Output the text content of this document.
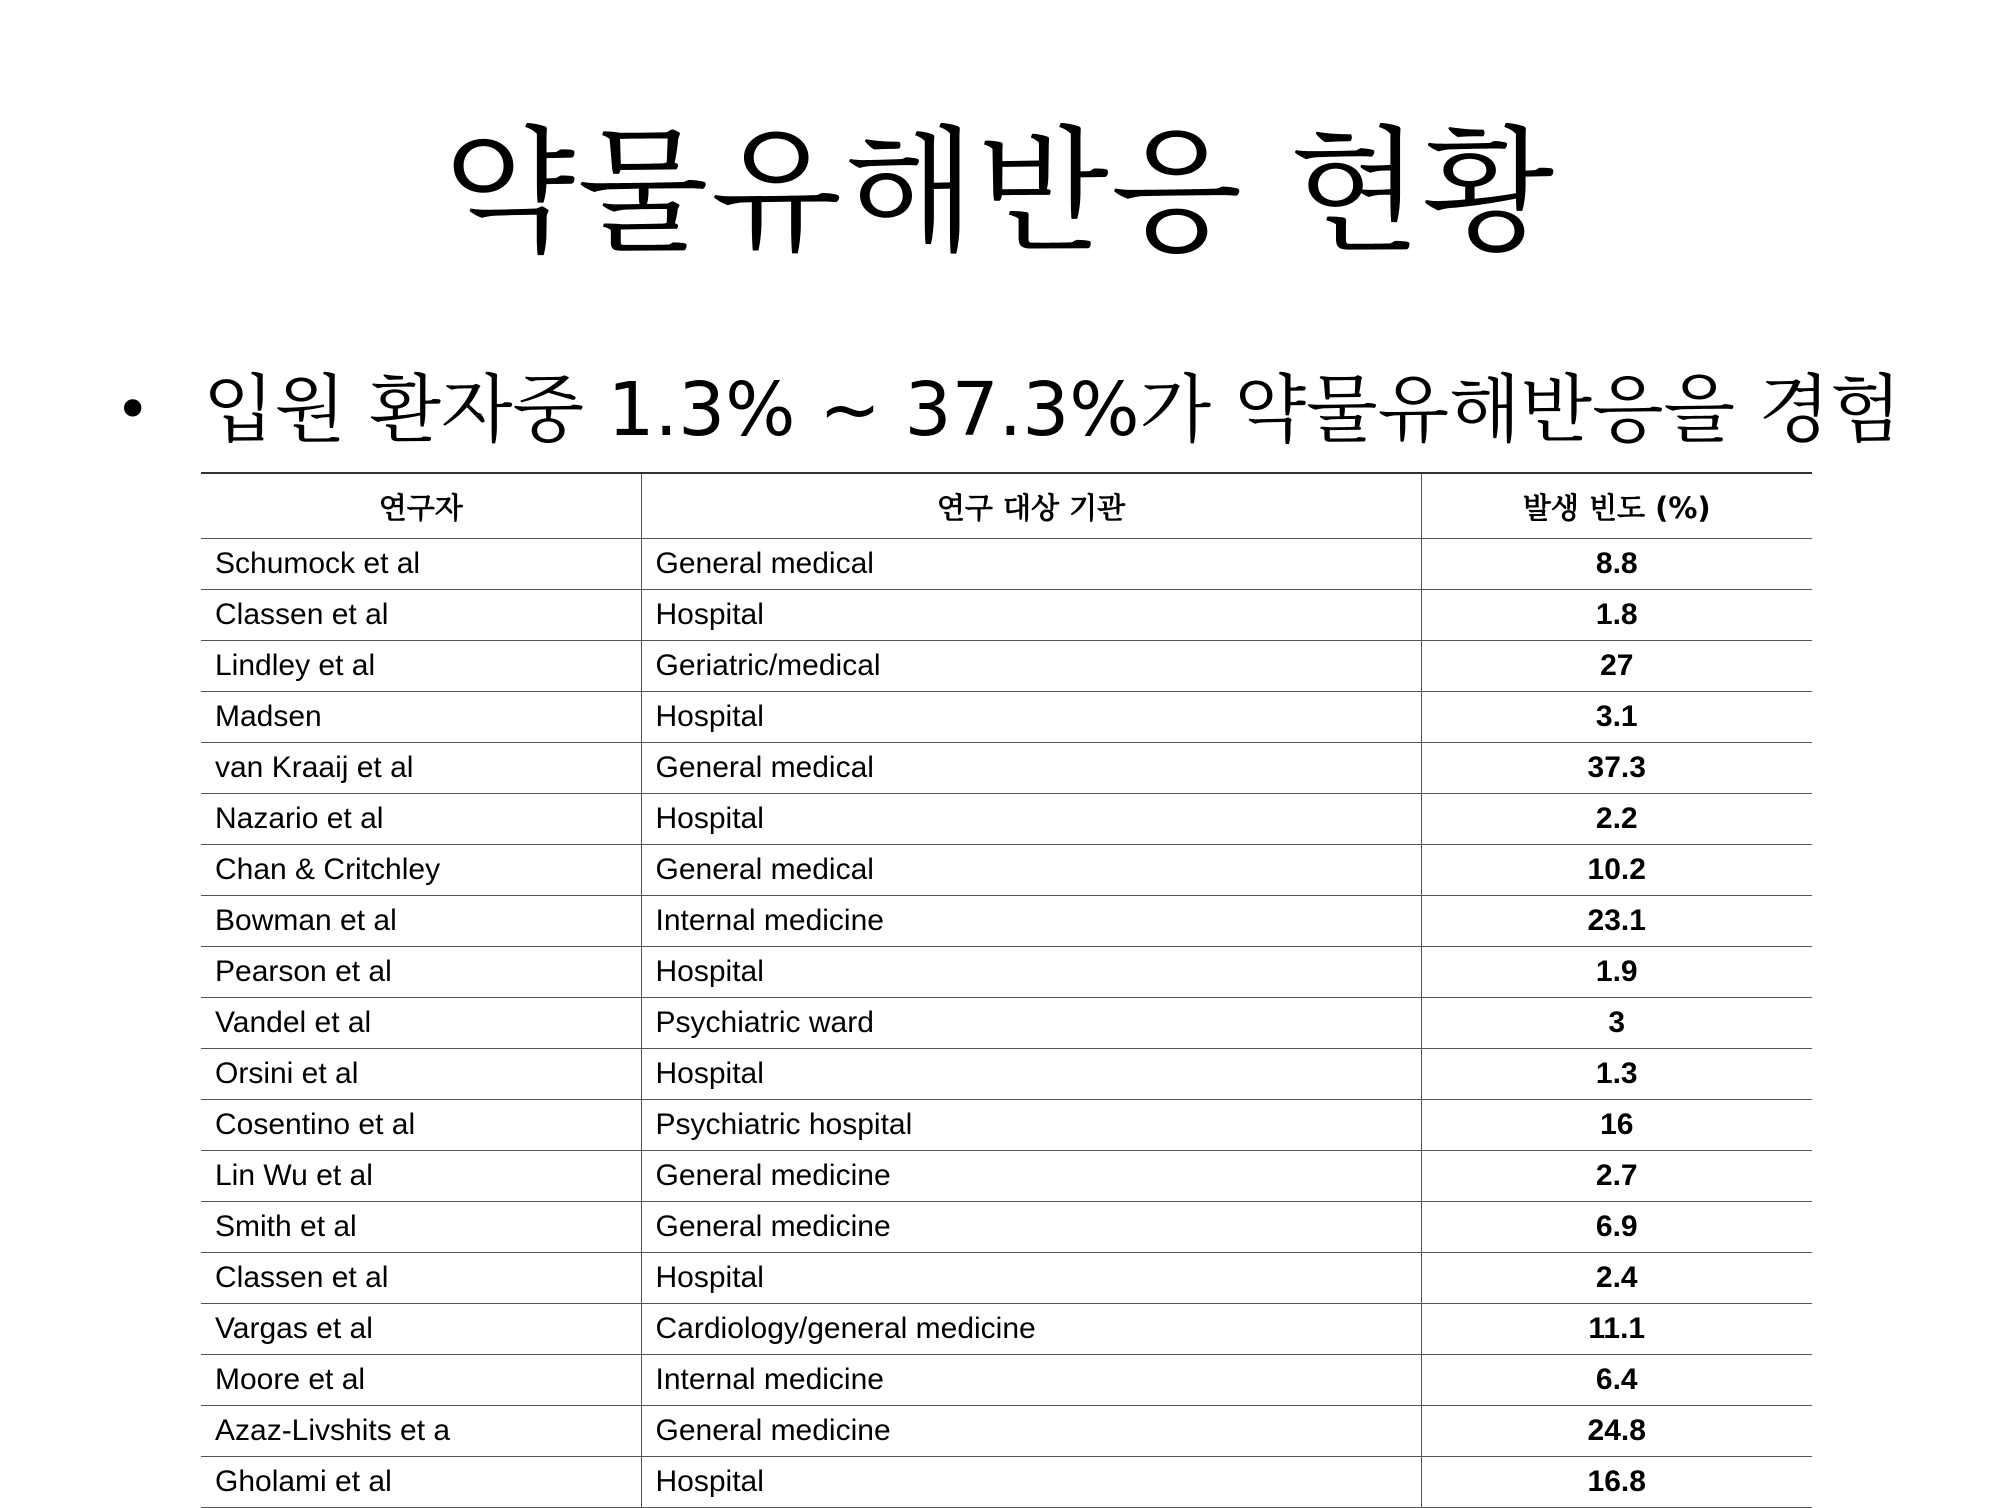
약물유해반응 현황
• 입원 환자중 1.3% ~ 37.3%가 약물유해반응을 경험
연구자	연구 대상 기관	발생 빈도 (%)
Schumock et al	General medical	8.8
Classen et al	Hospital	1.8
Lindley et al	Geriatric/medical	27
Madsen	Hospital	3.1
van Kraaij et al	General medical	37.3
Nazario et al	Hospital	2.2
Chan & Critchley	General medical	10.2
Bowman et al	Internal medicine	23.1
Pearson et al	Hospital	1.9
Vandel et al	Psychiatric ward	3
Orsini et al	Hospital	1.3
Cosentino et al	Psychiatric hospital	16
Lin Wu et al	General medicine	2.7
Smith et al	General medicine	6.9
Classen et al	Hospital	2.4
Vargas et al	Cardiology/general medicine	11.1
Moore et al	Internal medicine	6.4
Azaz-Livshits et a	General medicine	24.8
Gholami et al	Hospital	16.8
